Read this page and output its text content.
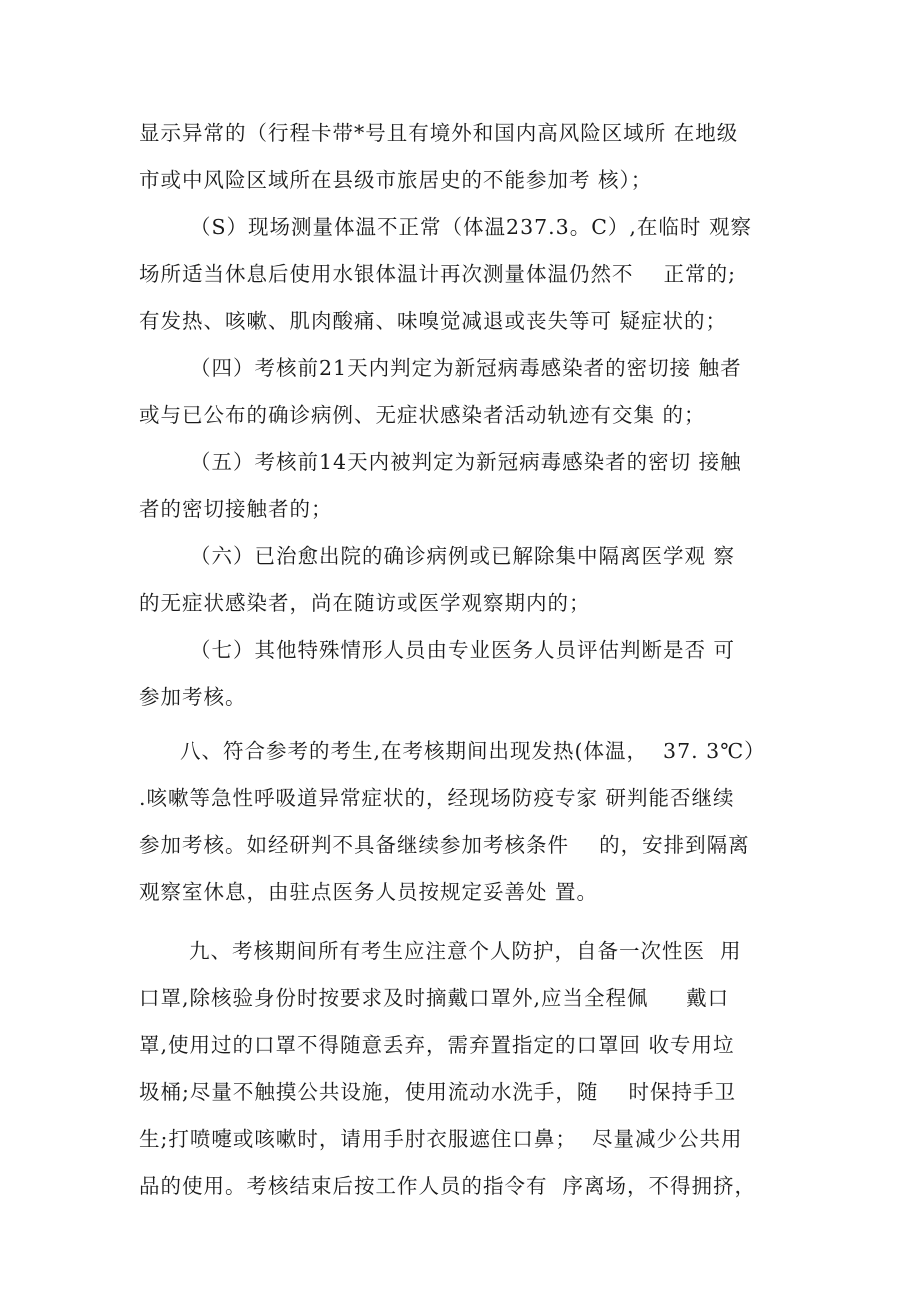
显示异常的（行程卡带*号且有境外和国内高风险区域所 在地级
市或中风险区域所在县级市旅居史的不能参加考 核）；
（S）现场测量体温不正常（体温237.3。C）,在临时 观察
场所适当休息后使用水银体温计再次测量体温仍然不    正常的;
有发热、咳嗽、肌肉酸痛、味嗅觉减退或丧失等可 疑症状的；
（四）考核前21天内判定为新冠病毒感染者的密切接 触者
或与已公布的确诊病例、无症状感染者活动轨迹有交集 的；
（五）考核前14天内被判定为新冠病毒感染者的密切 接触
者的密切接触者的；
（六）已治愈出院的确诊病例或已解除集中隔离医学观 察
的无症状感染者，尚在随访或医学观察期内的；
（七）其他特殊情形人员由专业医务人员评估判断是否 可
参加考核。
八、符合参考的考生,在考核期间出现发热(体温，  37. 3℃）
.咳嗽等急性呼吸道异常症状的，经现场防疫专家 研判能否继续
参加考核。如经研判不具备继续参加考核条件    的，安排到隔离
观察室休息，由驻点医务人员按规定妥善处 置。
九、考核期间所有考生应注意个人防护，自备一次性医  用
口罩,除核验身份时按要求及时摘戴口罩外,应当全程佩     戴口
罩,使用过的口罩不得随意丢弃，需弃置指定的口罩回 收专用垃
圾桶;尽量不触摸公共设施，使用流动水洗手，随    时保持手卫
生;打喷嚏或咳嗽时，请用手肘衣服遮住口鼻；  尽量减少公共用
品的使用。考核结束后按工作人员的指令有  序离场，不得拥挤，
